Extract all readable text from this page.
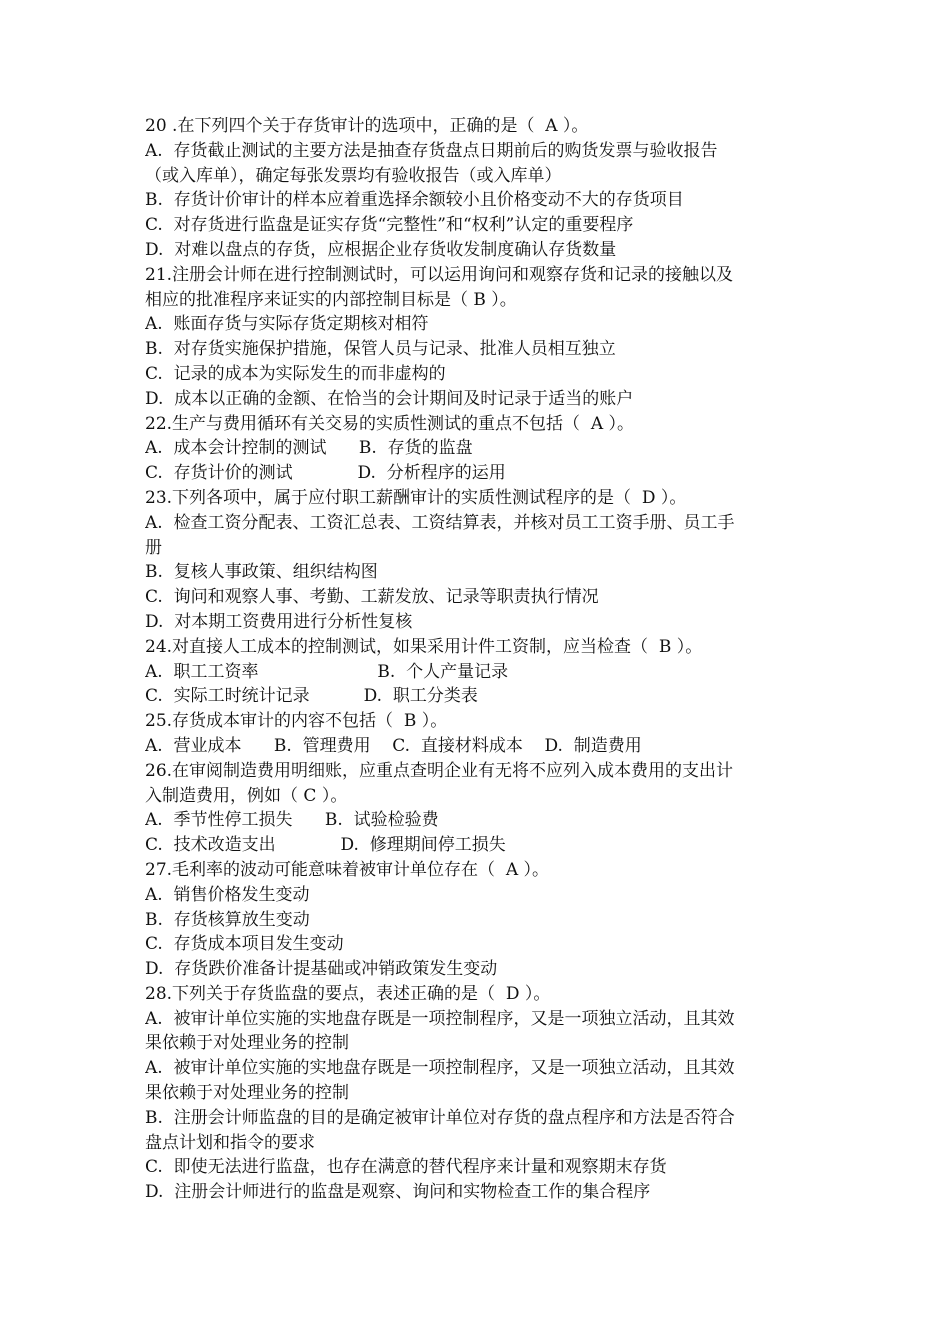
20 .在下列四个关于存货审计的选项中，正确的是（  A ）。
A.  存货截止测试的主要方法是抽查存货盘点日期前后的购货发票与验收报告
（或入库单），确定每张发票均有验收报告（或入库单）
B.  存货计价审计的样本应着重选择余额较小且价格变动不大的存货项目
C.  对存货进行监盘是证实存货“完整性”和“权利”认定的重要程序
D.  对难以盘点的存货，应根据企业存货收发制度确认存货数量
21.注册会计师在进行控制测试时，可以运用询问和观察存货和记录的接触以及
相应的批准程序来证实的内部控制目标是（ B ）。
A.  账面存货与实际存货定期核对相符
B.  对存货实施保护措施，保管人员与记录、批准人员相互独立
C.  记录的成本为实际发生的而非虚构的
D.  成本以正确的金额、在恰当的会计期间及时记录于适当的账户
22.生产与费用循环有关交易的实质性测试的重点不包括（  A ）。
A.  成本会计控制的测试      B.  存货的监盘
C.  存货计价的测试            D.  分析程序的运用
23.下列各项中，属于应付职工薪酬审计的实质性测试程序的是（  D ）。
A.  检查工资分配表、工资汇总表、工资结算表，并核对员工工资手册、员工手
册
B.  复核人事政策、组织结构图
C.  询问和观察人事、考勤、工薪发放、记录等职责执行情况
D.  对本期工资费用进行分析性复核
24.对直接人工成本的控制测试，如果采用计件工资制，应当检查（  B ）。
A.  职工工资率                      B.  个人产量记录
C.  实际工时统计记录          D.  职工分类表
25.存货成本审计的内容不包括（  B ）。
A.  营业成本      B.  管理费用    C.  直接材料成本    D.  制造费用
26.在审阅制造费用明细账，应重点查明企业有无将不应列入成本费用的支出计
入制造费用，例如（ C ）。
A.  季节性停工损失      B.  试验检验费
C.  技术改造支出            D.  修理期间停工损失
27.毛利率的波动可能意味着被审计单位存在（  A ）。
A.  销售价格发生变动
B.  存货核算放生变动
C.  存货成本项目发生变动
D.  存货跌价准备计提基础或冲销政策发生变动
28.下列关于存货监盘的要点，表述正确的是（  D ）。
A.  被审计单位实施的实地盘存既是一项控制程序，又是一项独立活动，且其效
果依赖于对处理业务的控制
A.  被审计单位实施的实地盘存既是一项控制程序，又是一项独立活动，且其效
果依赖于对处理业务的控制
B.  注册会计师监盘的目的是确定被审计单位对存货的盘点程序和方法是否符合
盘点计划和指令的要求
C.  即使无法进行监盘，也存在满意的替代程序来计量和观察期末存货
D.  注册会计师进行的监盘是观察、询问和实物检查工作的集合程序
